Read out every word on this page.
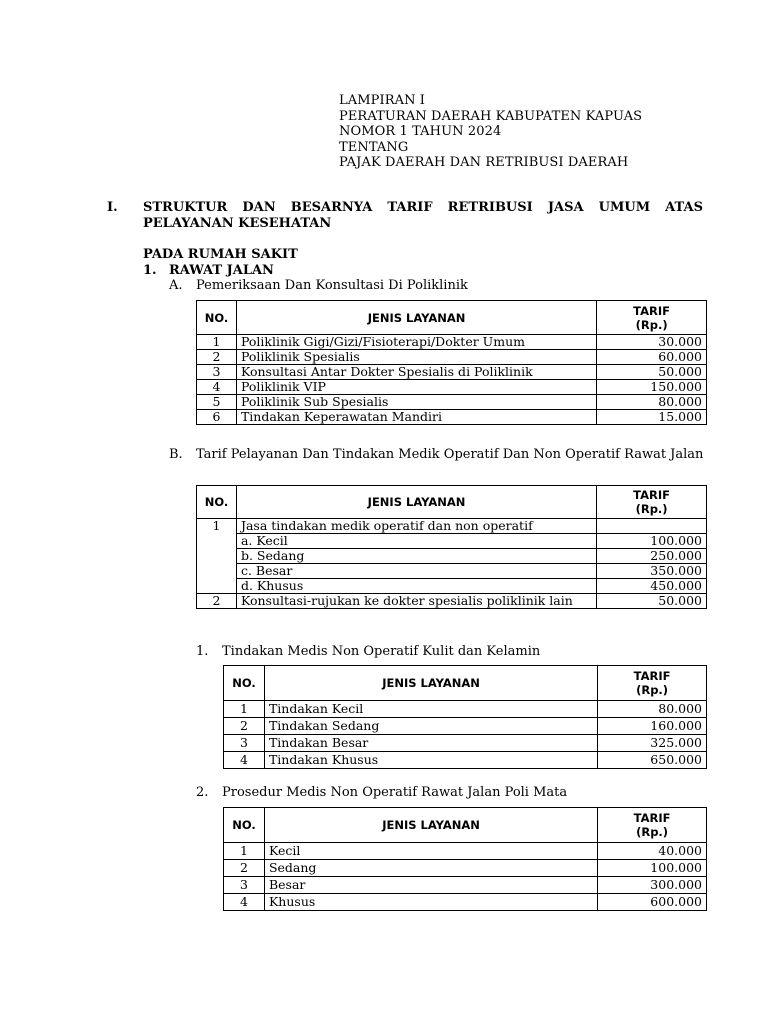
LAMPIRAN I
PERATURAN DAERAH KABUPATEN KAPUAS
NOMOR 1 TAHUN 2024
TENTANG
PAJAK DAERAH DAN RETRIBUSI DAERAH
I. STRUKTUR DAN BESARNYA TARIF RETRIBUSI JASA UMUM ATAS PELAYANAN KESEHATAN
PADA RUMAH SAKIT
1. RAWAT JALAN
A. Pemeriksaan Dan Konsultasi Di Poliklinik
NO.	JENIS LAYANAN	TARIF
(Rp.)
1	Poliklinik Gigi/Gizi/Fisioterapi/Dokter Umum	30.000
2	Poliklinik Spesialis	60.000
3	Konsultasi Antar Dokter Spesialis di Poliklinik	50.000
4	Poliklinik VIP	150.000
5	Poliklinik Sub Spesialis	80.000
6	Tindakan Keperawatan Mandiri	15.000
B. Tarif Pelayanan Dan Tindakan Medik Operatif Dan Non Operatif Rawat Jalan
NO.	JENIS LAYANAN	TARIF
(Rp.)
1	Jasa tindakan medik operatif dan non operatif	
	a. Kecil	100.000
	b. Sedang	250.000
	c. Besar	350.000
	d. Khusus	450.000
2	Konsultasi-rujukan ke dokter spesialis poliklinik lain	50.000
1. Tindakan Medis Non Operatif Kulit dan Kelamin
NO.	JENIS LAYANAN	TARIF
(Rp.)
1	Tindakan Kecil	80.000
2	Tindakan Sedang	160.000
3	Tindakan Besar	325.000
4	Tindakan Khusus	650.000
2. Prosedur Medis Non Operatif Rawat Jalan Poli Mata
NO.	JENIS LAYANAN	TARIF
(Rp.)
1	Kecil	40.000
2	Sedang	100.000
3	Besar	300.000
4	Khusus	600.000
